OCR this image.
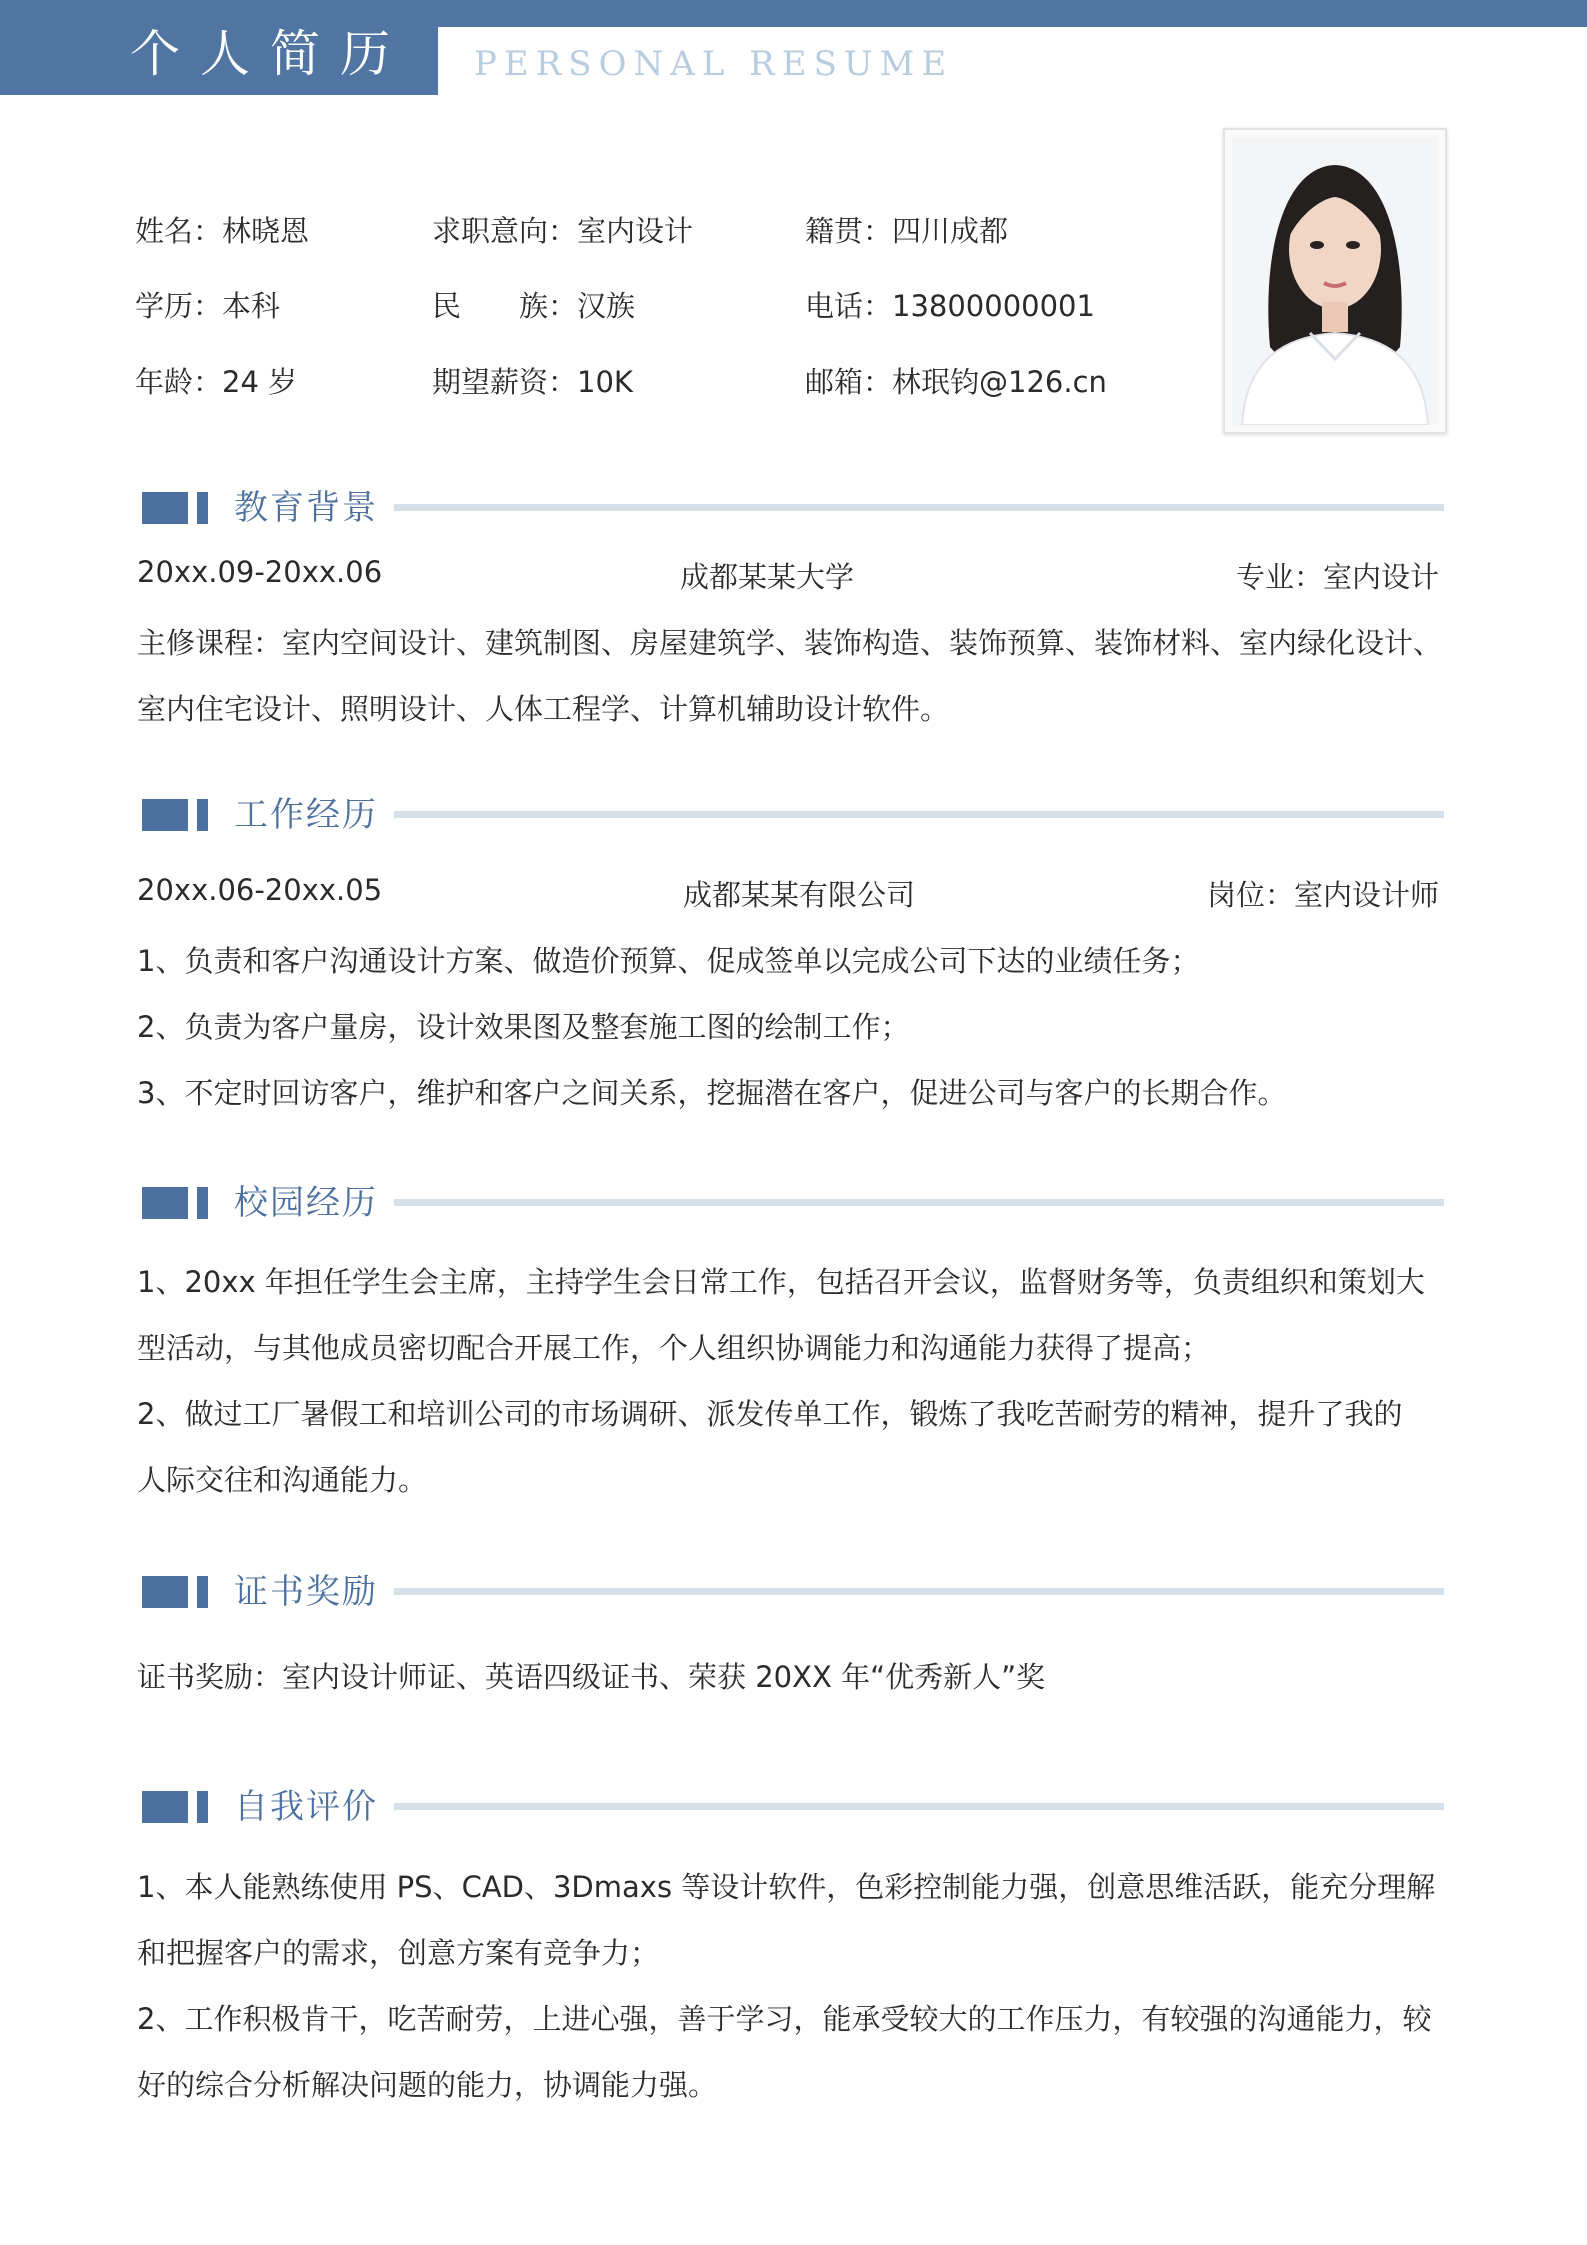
个人简历 PERSONAL RESUME
姓名：林晓恩	求职意向：室内设计	籍贯：四川成都
学历：本科	民　　族：汉族	电话：13800000001
年龄：24 岁	期望薪资：10K	邮箱：林珉钧@126.cn
教育背景
20xx.09-20xx.06	成都某某大学	专业：室内设计
主修课程：室内空间设计、建筑制图、房屋建筑学、装饰构造、装饰预算、装饰材料、室内绿化设计、
室内住宅设计、照明设计、人体工程学、计算机辅助设计软件。
工作经历
20xx.06-20xx.05	成都某某有限公司	岗位：室内设计师
1、负责和客户沟通设计方案、做造价预算、促成签单以完成公司下达的业绩任务；
2、负责为客户量房，设计效果图及整套施工图的绘制工作；
3、不定时回访客户，维护和客户之间关系，挖掘潜在客户，促进公司与客户的长期合作。
校园经历
1、20xx 年担任学生会主席，主持学生会日常工作，包括召开会议，监督财务等，负责组织和策划大
型活动，与其他成员密切配合开展工作，个人组织协调能力和沟通能力获得了提高；
2、做过工厂暑假工和培训公司的市场调研、派发传单工作，锻炼了我吃苦耐劳的精神，提升了我的
人际交往和沟通能力。
证书奖励
证书奖励：室内设计师证、英语四级证书、荣获 20XX 年“优秀新人”奖
自我评价
1、本人能熟练使用 PS、CAD、3Dmaxs 等设计软件，色彩控制能力强，创意思维活跃，能充分理解
和把握客户的需求，创意方案有竞争力；
2、工作积极肯干，吃苦耐劳，上进心强，善于学习，能承受较大的工作压力，有较强的沟通能力，较
好的综合分析解决问题的能力，协调能力强。
